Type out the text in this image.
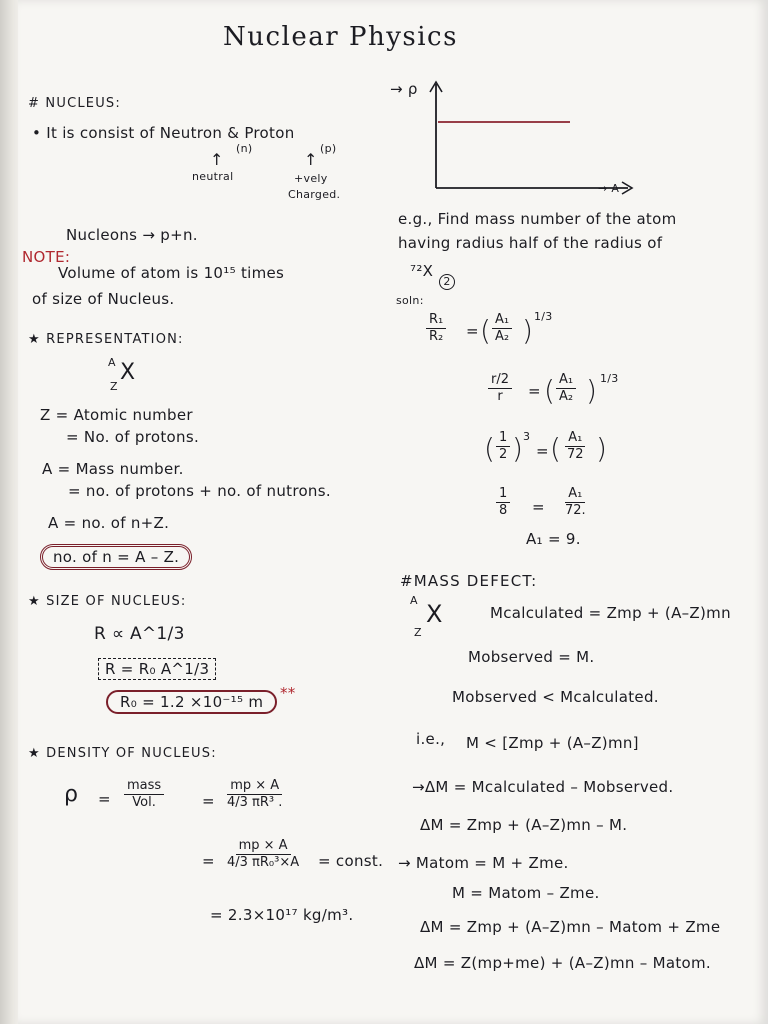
Nuclear Physics
# NUCLEUS:
• It is consist of Neutron & Proton
(n)	(p)
↑	↑
neutral	+vely
Charged.
Nucleons → p+n.
NOTE:
Volume of atom is 10¹⁵ times
of size of Nucleus.
★ REPRESENTATION:
A
Z
X
Z = Atomic number
= No. of protons.
A = Mass number.
= no. of protons + no. of nutrons.
A = no. of n+Z.
no. of n = A – Z.
★ SIZE OF NUCLEUS:
R ∝ A^1/3
R = R₀ A^1/3
R₀ = 1.2 ×10⁻¹⁵ m	**
★ DENSITY OF NUCLEUS:
ρ =
mass
Vol.	= $\frac{mp \times A}{\text{4/3 πR³ .}}$
= $\frac{mp \times A}{\text{4/3 πR₀³×A}}$ = const.
= 2.3×10¹⁷ kg/m³.
→ ρ
→ A
e.g., Find mass number of the atom
having radius half of the radius of
⁷²X
2
soln:
$\frac{\text{R₁}}{\text{R₂}}$ = ( $\frac{\text{A₁}}{\text{A₂}}$ ) 1/3
$\frac{r/2}{r}$ = ( $\frac{\text{A₁}}{\text{A₂}}$ ) 1/3
( $\frac{1}{2}$ ) 3
= ( $\frac{\text{A₁}}{72}$ )
$\frac{1}{8} = \frac{\text{A₁}}{72.}$
A₁ = 9.
#MASS DEFECT:
A
Z
X	Mcalculated = Zmp + (A–Z)mn
Mobserved = M.
Mobserved < Mcalculated.
i.e., M < [Zmp + (A–Z)mn]
→ΔM = Mcalculated – Mobserved.
ΔM = Zmp + (A–Z)mn – M.
→ Matom = M + Zme.
M = Matom – Zme.
ΔM = Zmp + (A–Z)mn – Matom + Zme
ΔM = Z(mp+me) + (A–Z)mn – Matom.
